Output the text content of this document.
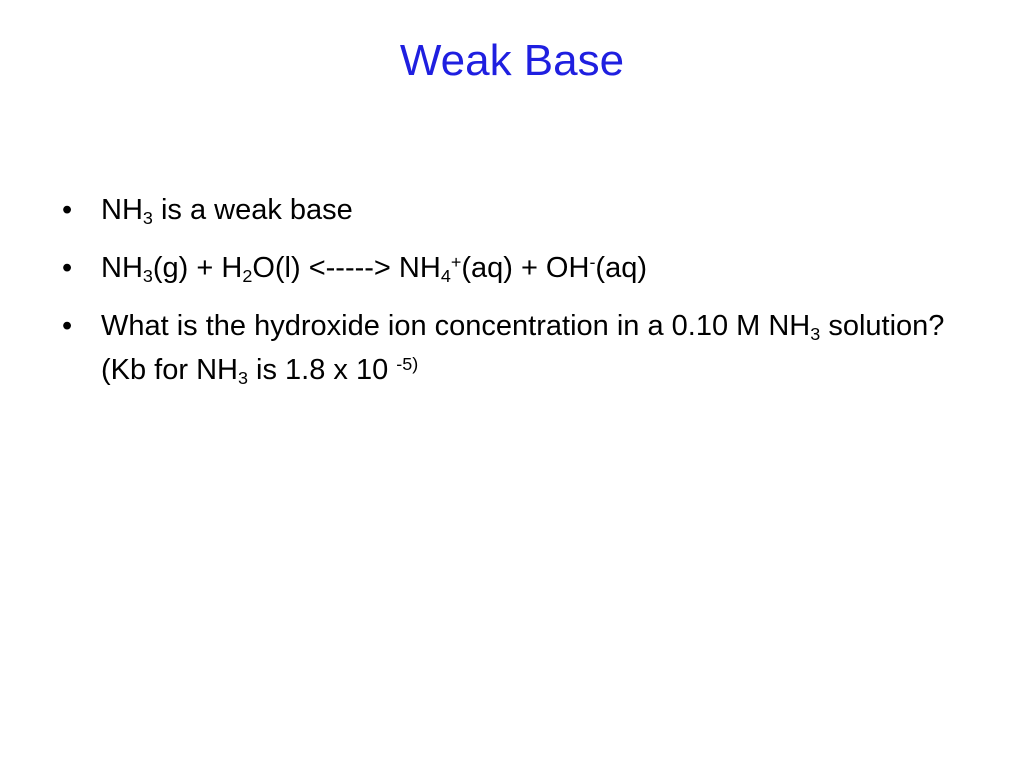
Weak Base
• $NH_3$ is a weak base
• $NH_3(g) + H_2O(l)$ <-----> $NH_4^+(aq) + OH^-(aq)$
• What is the hydroxide ion concentration in a 0.10 M $NH_3$ solution? (Kb for $NH_3$ is 1.8 x 10 $^{-5)}$
